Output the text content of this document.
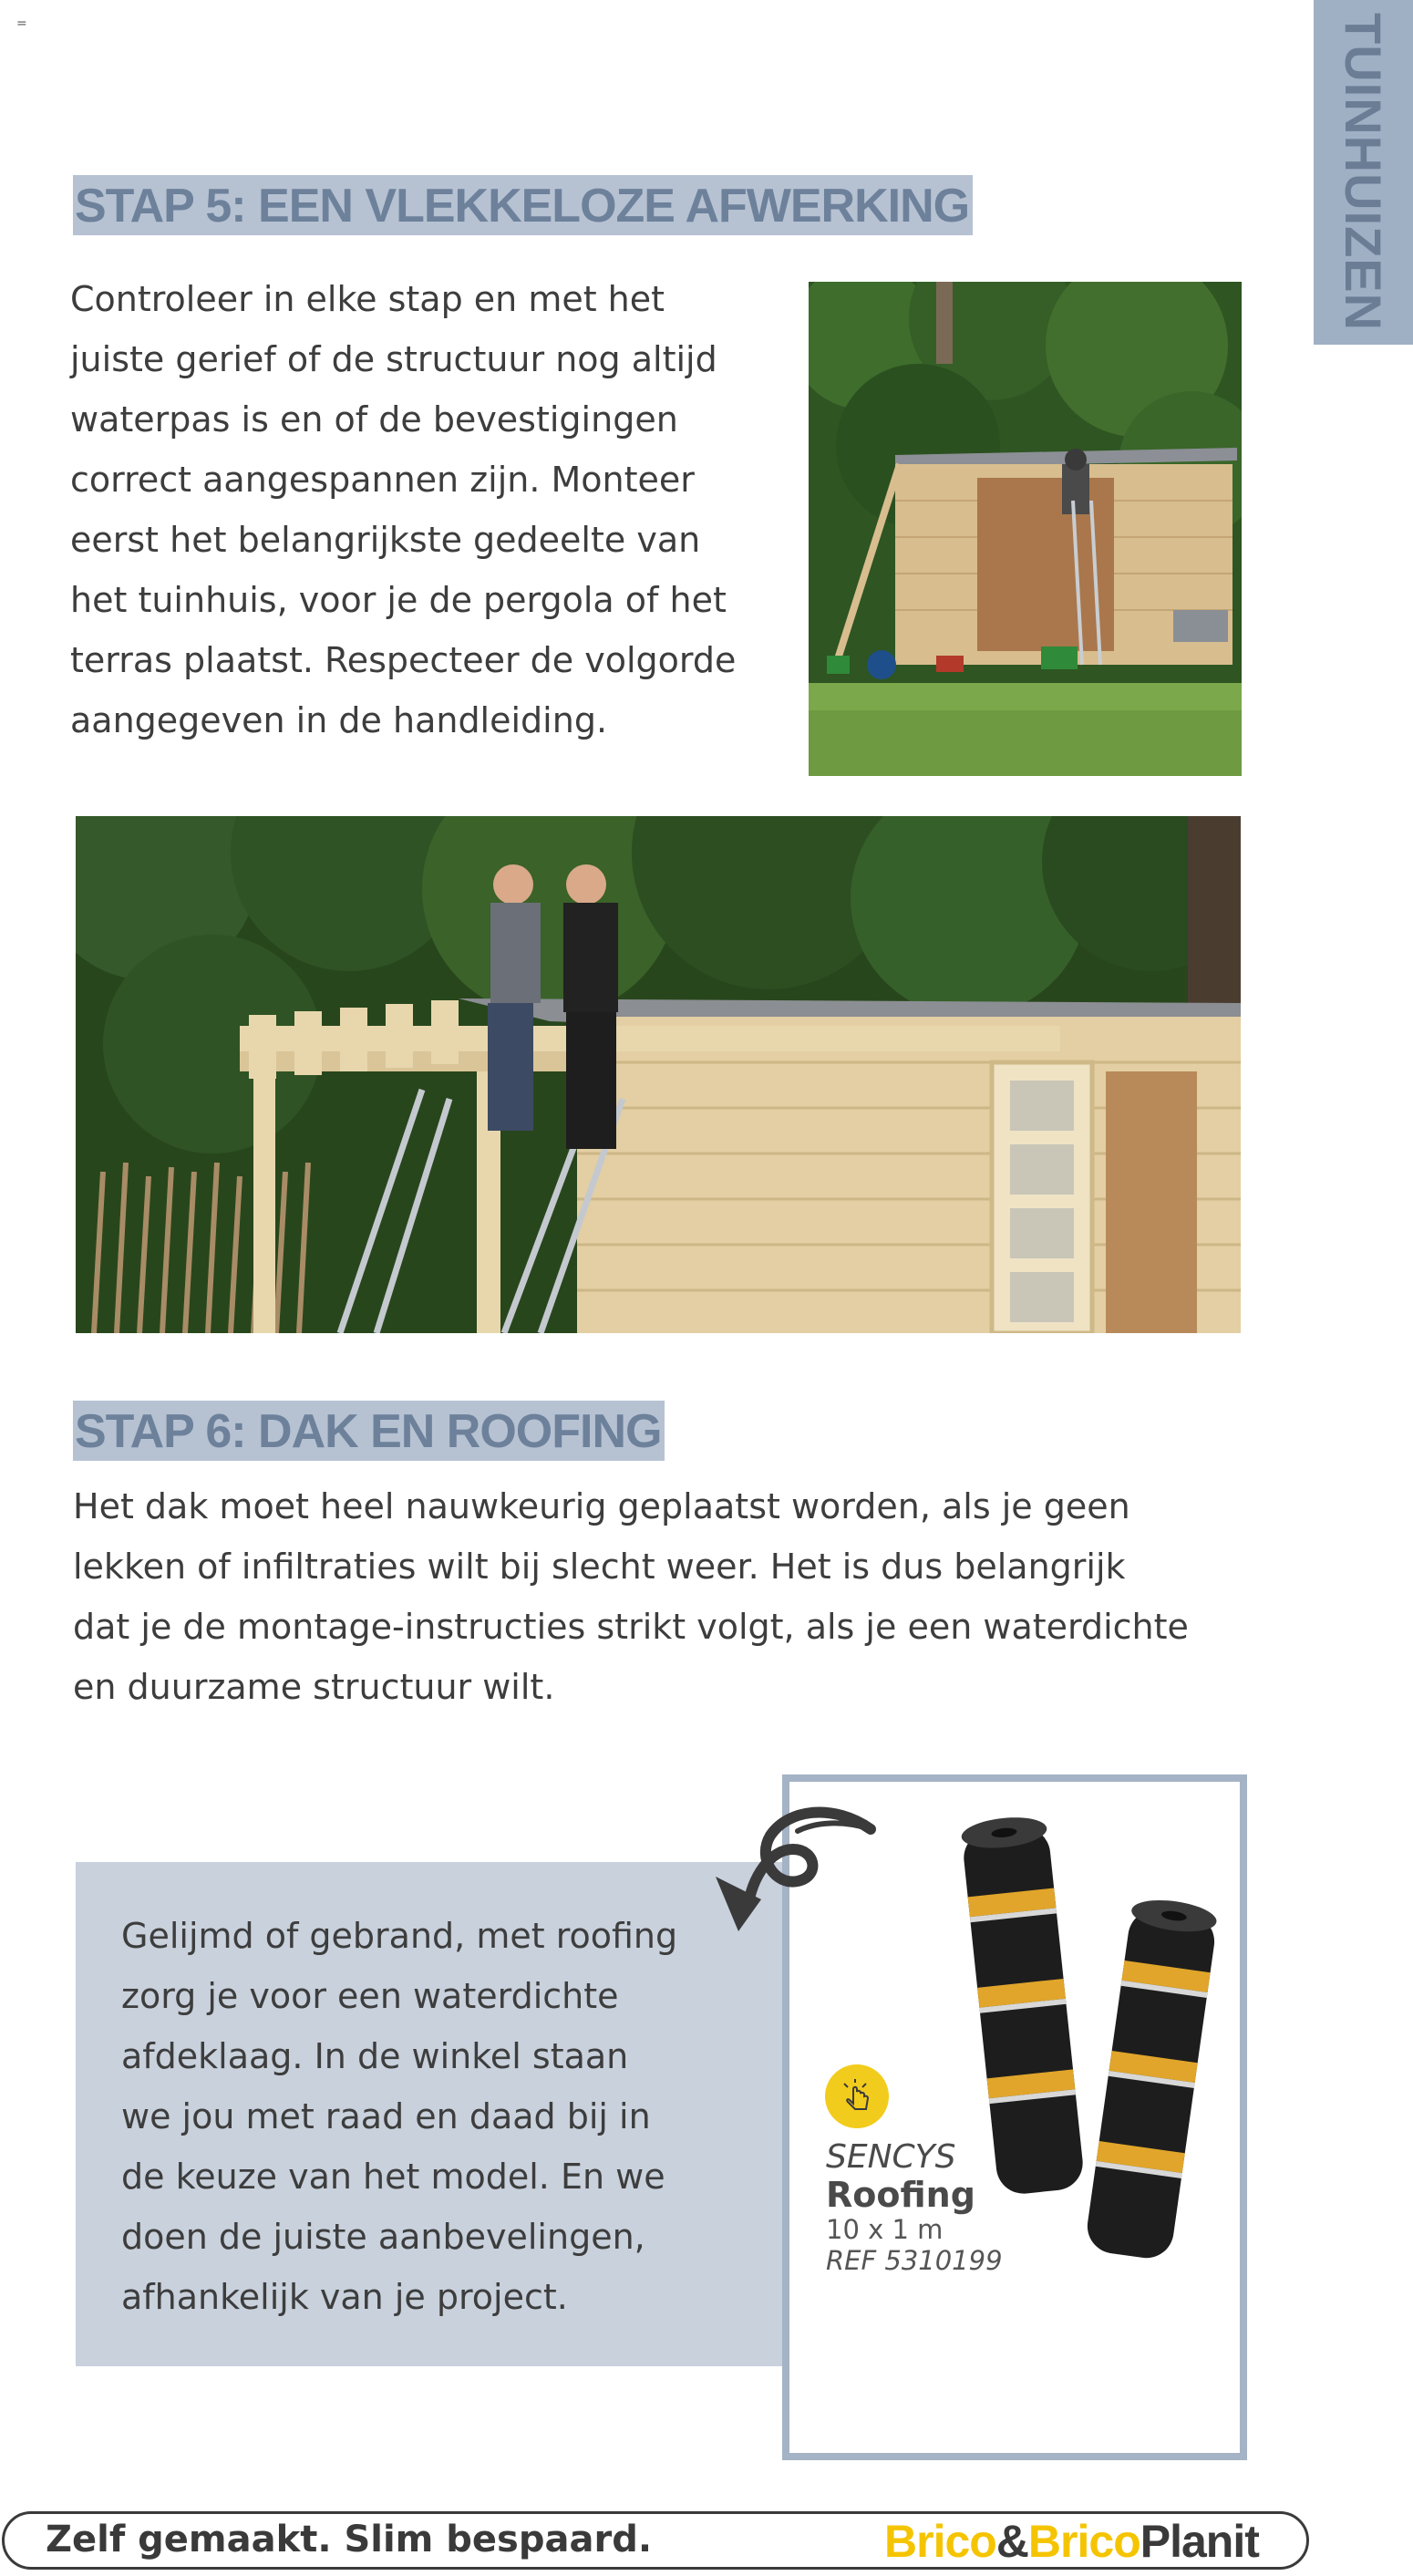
=	TUINHUIZEN
STAP 5: EEN VLEKKELOZE AFWERKING
Controleer in elke stap en met het
juiste gerief of de structuur nog altijd
waterpas is en of de bevestigingen
correct aangespannen zijn. Monteer
eerst het belangrijkste gedeelte van
het tuinhuis, voor je de pergola of het
terras plaatst. Respecteer de volgorde
aangegeven in de handleiding.
STAP 6: DAK EN ROOFING
Het dak moet heel nauwkeurig geplaatst worden, als je geen
lekken of infiltraties wilt bij slecht weer. Het is dus belangrijk
dat je de montage-instructies strikt volgt, als je een waterdichte
en duurzame structuur wilt.
Gelijmd of gebrand, met roofing
zorg je voor een waterdichte
afdeklaag. In de winkel staan
we jou met raad en daad bij in
de keuze van het model. En we
doen de juiste aanbevelingen,
afhankelijk van je project.
SENCYS
Roofing
10 x 1 m
REF 5310199
Zelf gemaakt. Slim bespaard.	Brico&BricoPlanit
